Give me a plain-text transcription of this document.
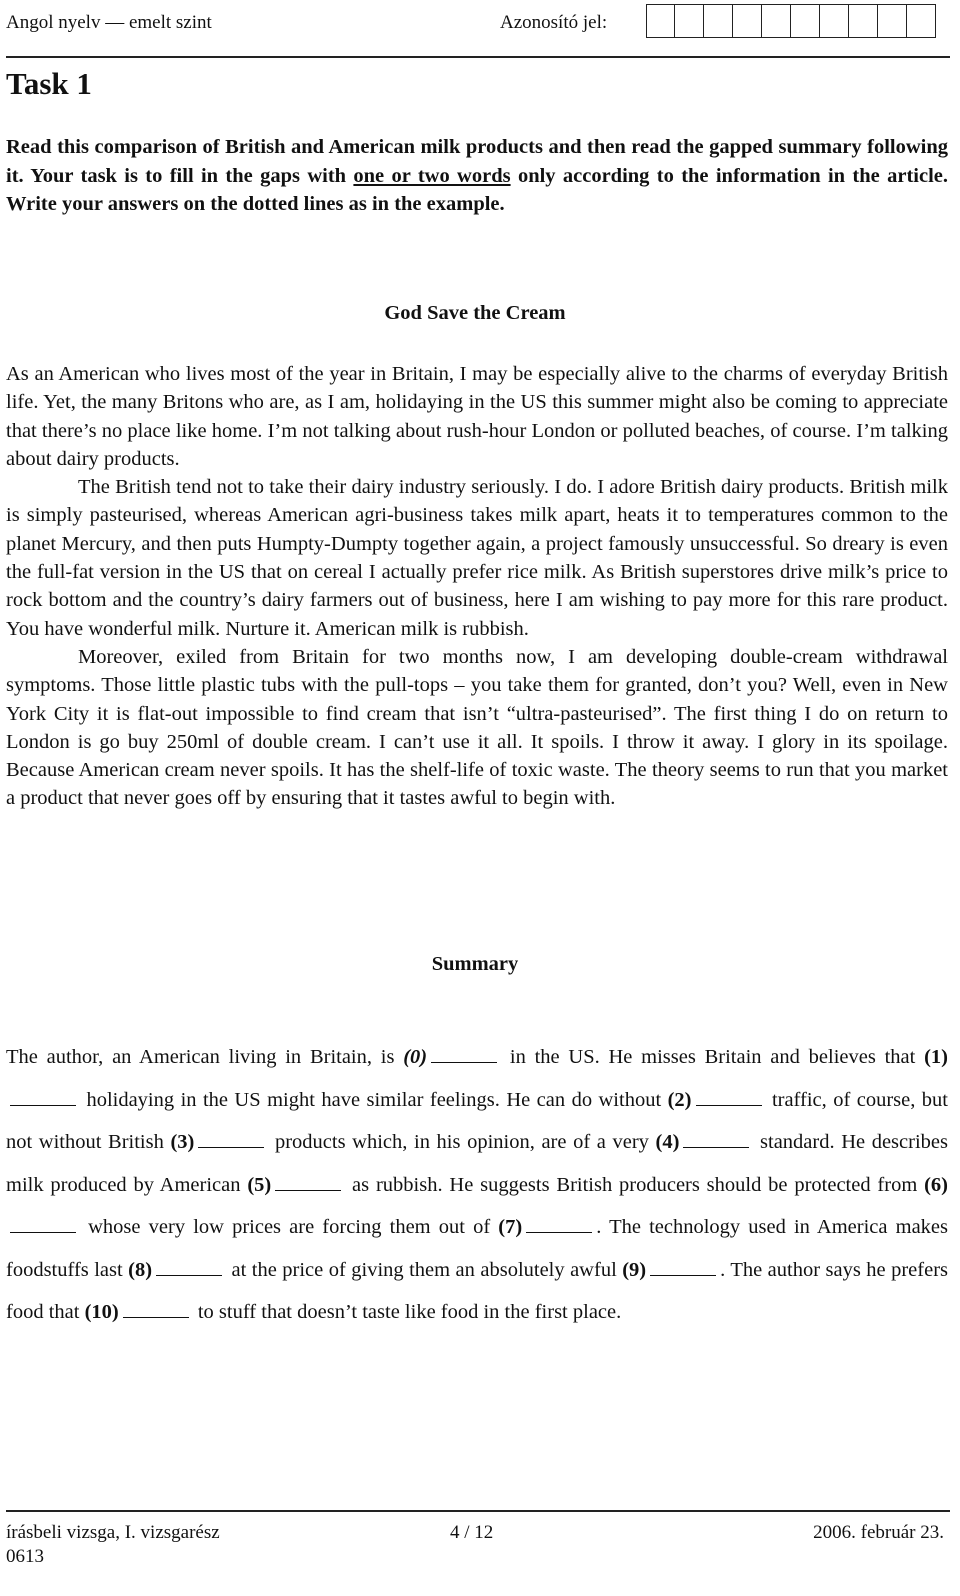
Angol nyelv — emelt szint	Azonosító jel:
Task 1
Read this comparison of British and American milk products and then read the gapped summary following it. Your task is to fill in the gaps with one or two words only according to the information in the article. Write your answers on the dotted lines as in the example.
God Save the Cream

As an American who lives most of the year in Britain, I may be especially alive to the charms of everyday British life. Yet, the many Britons who are, as I am, holidaying in the US this summer might also be coming to appreciate that there’s no place like home. I’m not talking about rush-hour London or polluted beaches, of course. I’m talking about dairy products.

The British tend not to take their dairy industry seriously. I do. I adore British dairy products. British milk is simply pasteurised, whereas American agri-business takes milk apart, heats it to temperatures common to the planet Mercury, and then puts Humpty-Dumpty together again, a project famously unsuccessful. So dreary is even the full-fat version in the US that on cereal I actually prefer rice milk. As British superstores drive milk’s price to rock bottom and the country’s dairy farmers out of business, here I am wishing to pay more for this rare product. You have wonderful milk. Nurture it. American milk is rubbish.

Moreover, exiled from Britain for two months now, I am developing double-cream withdrawal symptoms. Those little plastic tubs with the pull-tops – you take them for granted, don’t you? Well, even in New York City it is flat-out impossible to find cream that isn’t “ultra-pasteurised”. The first thing I do on return to London is go buy 250ml of double cream. I can’t use it all. It spoils. I throw it away. I glory in its spoilage. Because American cream never spoils. It has the shelf-life of toxic waste. The theory seems to run that you market a product that never goes off by ensuring that it tastes awful to begin with.

Summary
The author, an American living in Britain, is (0)	in the US. He misses Britain and believes that (1) holidaying in the US might have similar feelings. He can do without (2)	traffic, of course, but not without British (3)	products which, in his opinion, are of a very (4)	standard. He describes milk produced by American (5)	as rubbish. He suggests British producers should be protected from (6) whose very low prices are forcing them out of (7)	. The technology used in America makes foodstuffs last (8)	at the price of giving them an absolutely awful (9)	. The author says he prefers food that (10)	to stuff that doesn’t taste like food in the first place.
írásbeli vizsga, I. vizsgarész
0613
4 / 12	2006. február 23.
